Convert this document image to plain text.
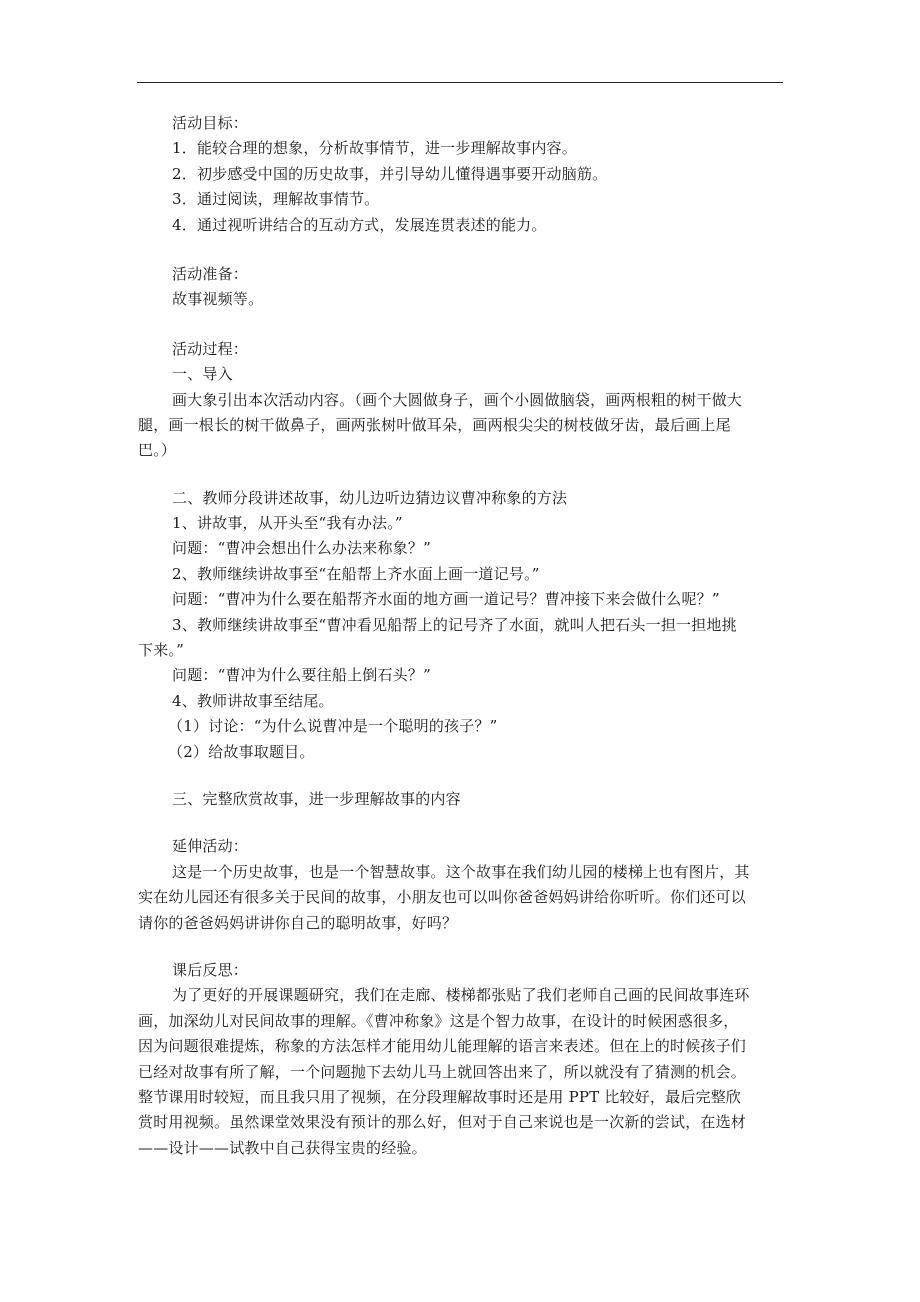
活动目标：

1．能较合理的想象，分析故事情节，进一步理解故事内容。

2．初步感受中国的历史故事，并引导幼儿懂得遇事要开动脑筋。

3．通过阅读，理解故事情节。

4．通过视听讲结合的互动方式，发展连贯表述的能力。

活动准备：

故事视频等。

活动过程：

一、导入

画大象引出本次活动内容。（画个大圆做身子，画个小圆做脑袋，画两根粗的树干做大

腿，画一根长的树干做鼻子，画两张树叶做耳朵，画两根尖尖的树枝做牙齿，最后画上尾

巴。）

二、教师分段讲述故事，幼儿边听边猜边议曹冲称象的方法

1、讲故事，从开头至“我有办法。”

问题：“曹冲会想出什么办法来称象？”

2、教师继续讲故事至“在船帮上齐水面上画一道记号。”

问题：“曹冲为什么要在船帮齐水面的地方画一道记号？曹冲接下来会做什么呢？”

3、教师继续讲故事至“曹冲看见船帮上的记号齐了水面，就叫人把石头一担一担地挑

下来。”

问题：“曹冲为什么要往船上倒石头？”

4、教师讲故事至结尾。

（1）讨论：“为什么说曹冲是一个聪明的孩子？”

（2）给故事取题目。

三、完整欣赏故事，进一步理解故事的内容

延伸活动：

这是一个历史故事，也是一个智慧故事。这个故事在我们幼儿园的楼梯上也有图片，其

实在幼儿园还有很多关于民间的故事，小朋友也可以叫你爸爸妈妈讲给你听听。你们还可以

请你的爸爸妈妈讲讲你自己的聪明故事，好吗？

课后反思：

为了更好的开展课题研究，我们在走廊、楼梯都张贴了我们老师自己画的民间故事连环

画，加深幼儿对民间故事的理解。《曹冲称象》这是个智力故事，在设计的时候困惑很多，

因为问题很难提炼，称象的方法怎样才能用幼儿能理解的语言来表述。但在上的时候孩子们

已经对故事有所了解，一个问题抛下去幼儿马上就回答出来了，所以就没有了猜测的机会。

整节课用时较短，而且我只用了视频，在分段理解故事时还是用 PPT 比较好，最后完整欣

赏时用视频。虽然课堂效果没有预计的那么好，但对于自己来说也是一次新的尝试，在选材

——设计——试教中自己获得宝贵的经验。
